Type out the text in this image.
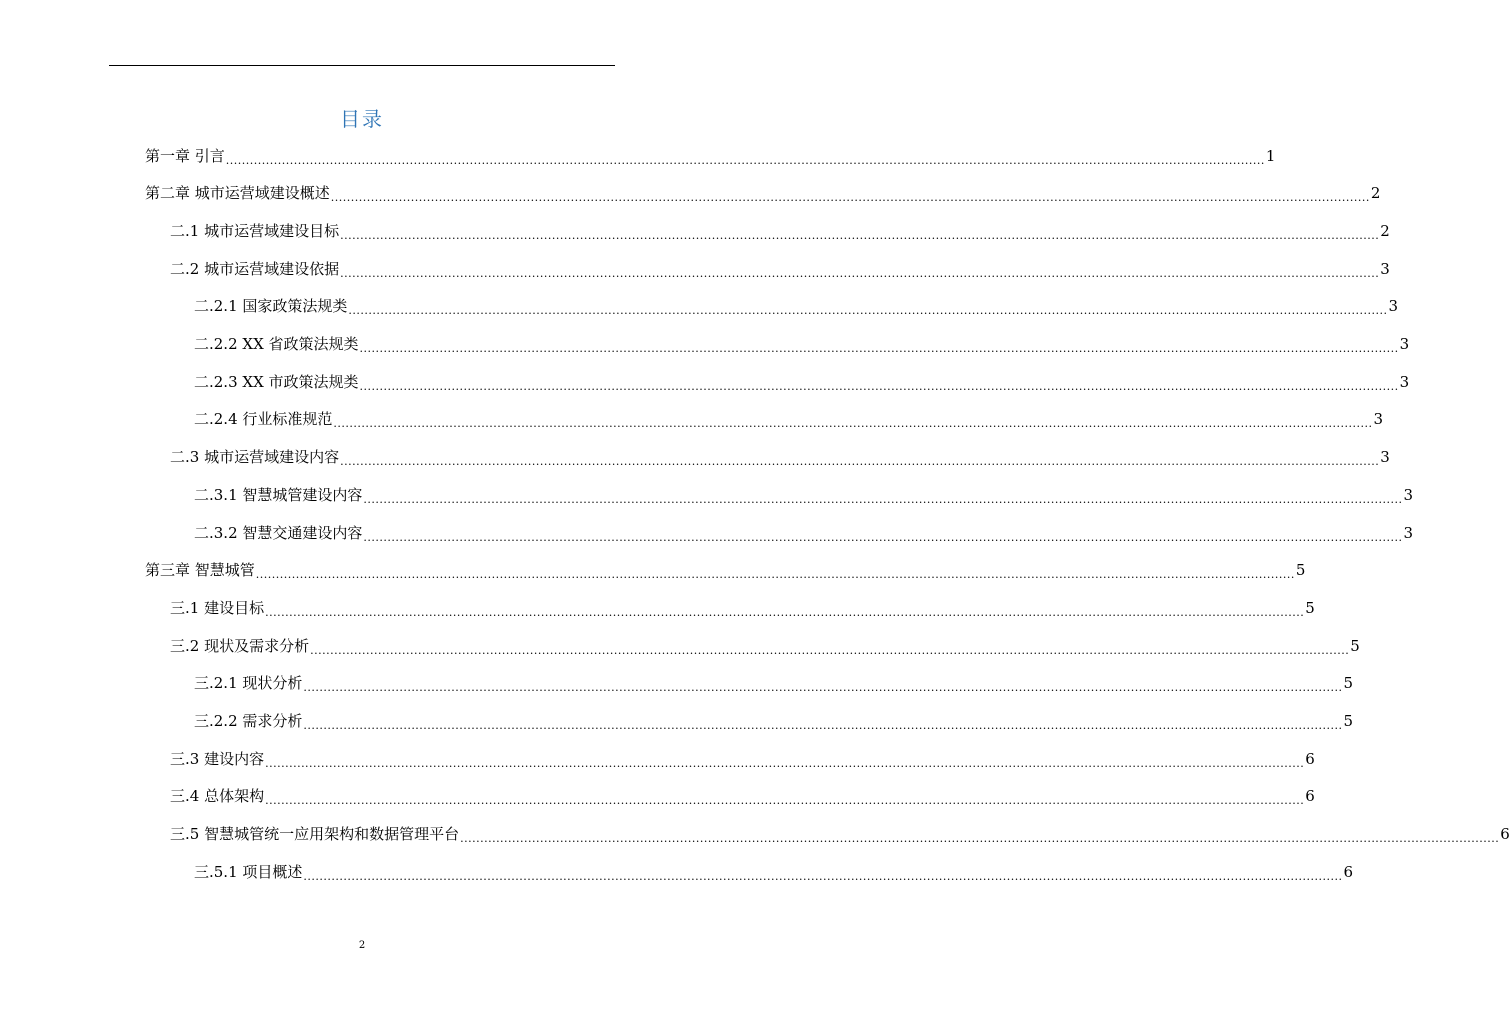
目录
第一章 引言 .................................................................................................................................................................................................................................................................... 1
第二章 城市运营域建设概述 .................................................................................................................................................................................................................................................................... 2
二.1 城市运营域建设目标 .................................................................................................................................................................................................................................................................... 2
二.2 城市运营域建设依据 .................................................................................................................................................................................................................................................................... 3
二.2.1 国家政策法规类 .................................................................................................................................................................................................................................................................... 3
二.2.2 XX 省政策法规类 .................................................................................................................................................................................................................................................................... 3
二.2.3 XX 市政策法规类 .................................................................................................................................................................................................................................................................... 3
二.2.4 行业标准规范 .................................................................................................................................................................................................................................................................... 3
二.3 城市运营域建设内容 .................................................................................................................................................................................................................................................................... 3
二.3.1 智慧城管建设内容 .................................................................................................................................................................................................................................................................... 3
二.3.2 智慧交通建设内容 .................................................................................................................................................................................................................................................................... 3
第三章 智慧城管 .................................................................................................................................................................................................................................................................... 5
三.1 建设目标 .................................................................................................................................................................................................................................................................... 5
三.2 现状及需求分析 .................................................................................................................................................................................................................................................................... 5
三.2.1 现状分析 .................................................................................................................................................................................................................................................................... 5
三.2.2 需求分析 .................................................................................................................................................................................................................................................................... 5
三.3 建设内容 .................................................................................................................................................................................................................................................................... 6
三.4 总体架构 .................................................................................................................................................................................................................................................................... 6
三.5 智慧城管统一应用架构和数据管理平台 .................................................................................................................................................................................................................................................................... 6
三.5.1 项目概述 .................................................................................................................................................................................................................................................................... 6
2
